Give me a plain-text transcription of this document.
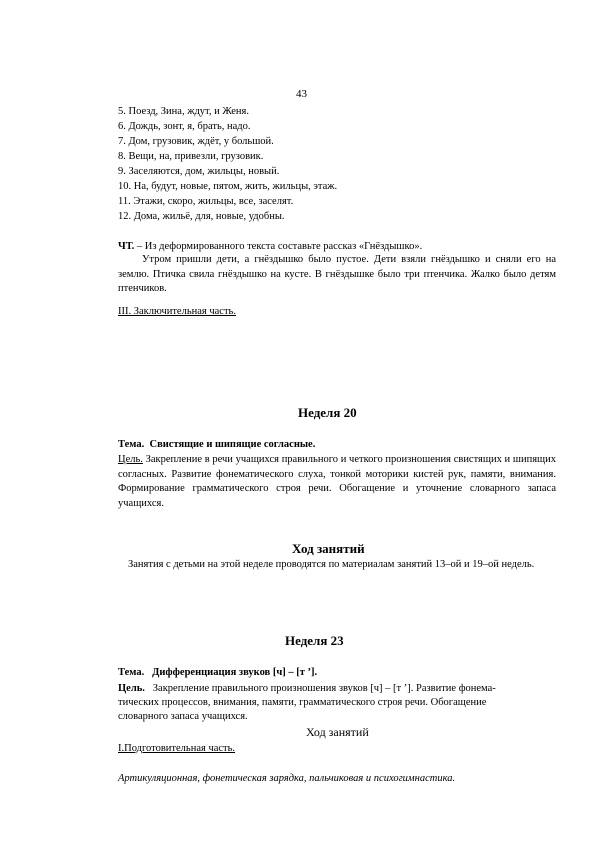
43
5. Поезд, Зина, ждут, и Женя.
6. Дождь, зонт, я, брать, надо.
7. Дом, грузовик, ждёт, у большой.
8. Вещи, на, привезли, грузовик.
9. Заселяются, дом, жильцы, новый.
10. На, будут, новые, пятом, жить, жильцы, этаж.
11. Этажи, скоро, жильцы, все, заселят.
12. Дома, жильё, для, новые, удобны.
ЧТ. – Из деформированного текста составьте рассказ «Гнёздышко».
Утром пришли дети, а гнёздышко было пустое. Дети взяли гнёздышко и сняли его на землю. Птичка свила гнёздышко на кусте. В гнёздышке было три птенчика. Жалко было детям птенчиков.
III. Заключительная часть.
Неделя 20
Тема. Свистящие и шипящие согласные.
Цель. Закрепление в речи учащихся правильного и четкого произношения свистящих и шипящих согласных. Развитие фонематического слуха, тонкой моторики кистей рук, памяти, внимания. Формирование грамматического строя речи. Обогащение и уточнение словарного запаса учащихся.
Ход занятий
Занятия с детьми на этой неделе проводятся по материалам занятий 13–ой и 19–ой недель.
Неделя 23
Тема. Дифференциация звуков [ч] – [т ’].
Цель. Закрепление правильного произношения звуков [ч] – [т ’]. Развитие фонема-
тических процессов, внимания, памяти, грамматического строя речи. Обогащение
словарного запаса учащихся.
Ход занятий
I.Подготовительная часть.
Артикуляционная, фонетическая зарядка, пальчиковая и психогимнастика.
